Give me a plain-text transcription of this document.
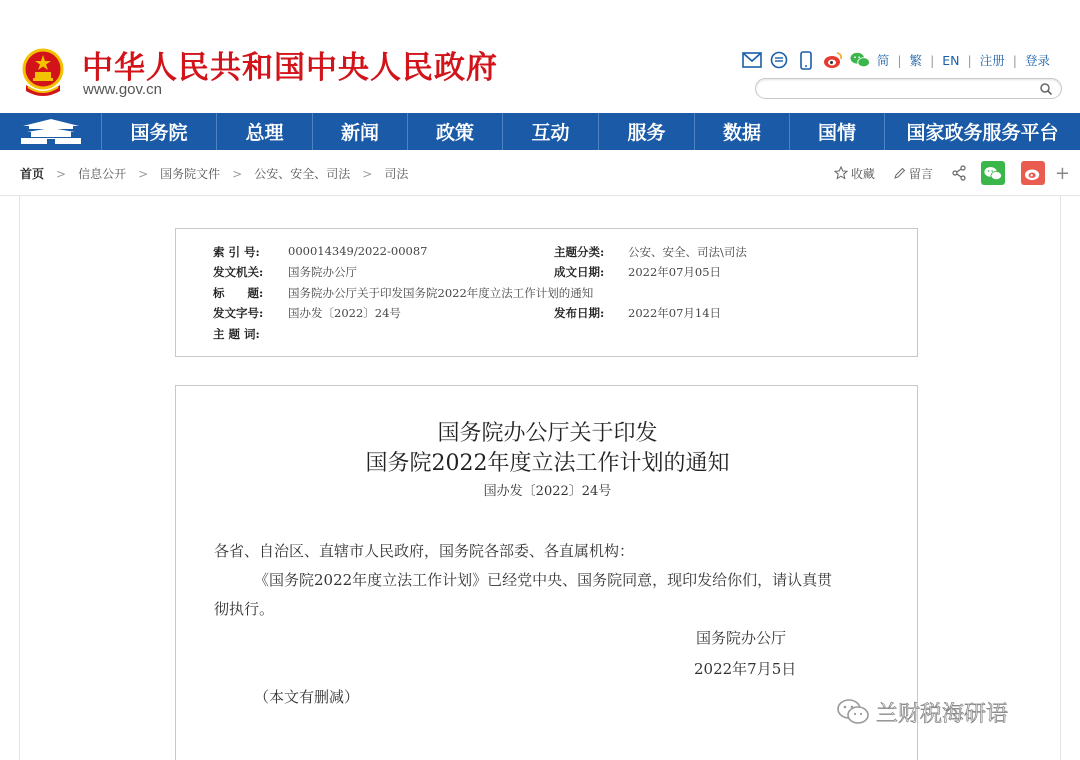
中华人民共和国中央人民政府
www.gov.cn
简 | 繁 | EN | 注册 | 登录
国务院	总理	新闻	政策	互动	服务	数据	国情	国家政务服务平台
首页 > 信息公开 > 国务院文件 > 公安、安全、司法 > 司法	收藏	留言	+
索 引 号: 000014349/2022-00087	主题分类: 公安、安全、司法\司法
发文机关: 国务院办公厅	成文日期: 2022年07月05日
标　　题: 国务院办公厅关于印发国务院2022年度立法工作计划的通知
发文字号: 国办发〔2022〕24号	发布日期: 2022年07月14日
主 题 词:
国务院办公厅关于印发
国务院2022年度立法工作计划的通知
国办发〔2022〕24号
各省、自治区、直辖市人民政府，国务院各部委、各直属机构：
《国务院2022年度立法工作计划》已经党中央、国务院同意，现印发给你们，请认真贯
彻执行。
国务院办公厅
2022年7月5日
（本文有删减）
兰财税海研语
